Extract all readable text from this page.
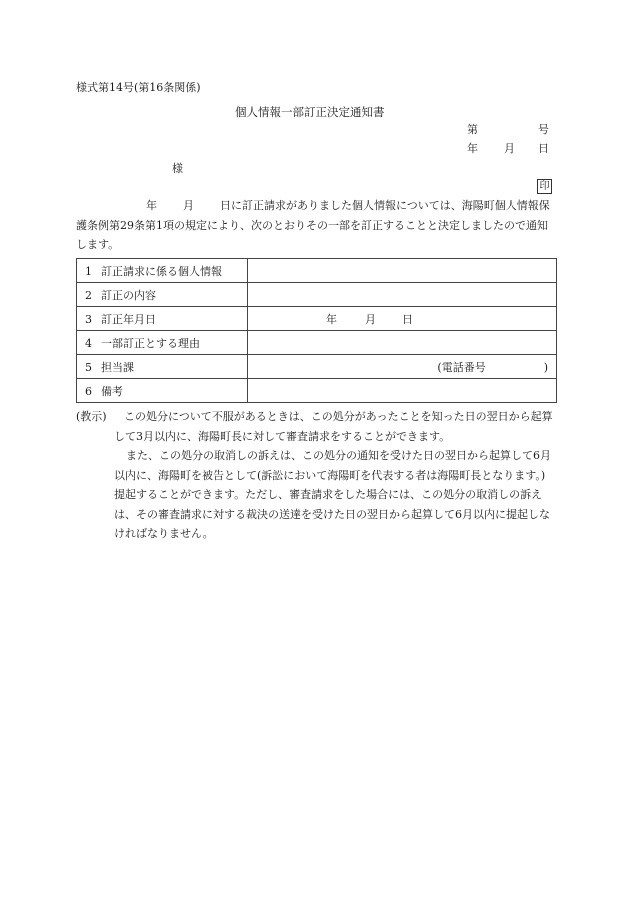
様式第14号(第16条関係)
個人情報一部訂正決定通知書
第	号
年 月 日
様
印
年 月 日に訂正請求がありました個人情報については、海陽町個人情報保護条例第29条第1項の規定により、次のとおりその一部を訂正することと決定しましたので通知します。
1 訂正請求に係る個人情報	
2 訂正の内容	
3 訂正年月日	年 月 日
4 一部訂正とする理由	
5 担当課	(電話番号 )
6 備考	
(教示)	この処分について不服があるときは、この処分があったことを知った日の翌日から起算して3月以内に、海陽町長に対して審査請求をすることができます。

また、この処分の取消しの訴えは、この処分の通知を受けた日の翌日から起算して6月以内に、海陽町を被告として(訴訟において海陽町を代表する者は海陽町長となります。)提起することができます。ただし、審査請求をした場合には、この処分の取消しの訴えは、その審査請求に対する裁決の送達を受けた日の翌日から起算して6月以内に提起しなければなりません。
